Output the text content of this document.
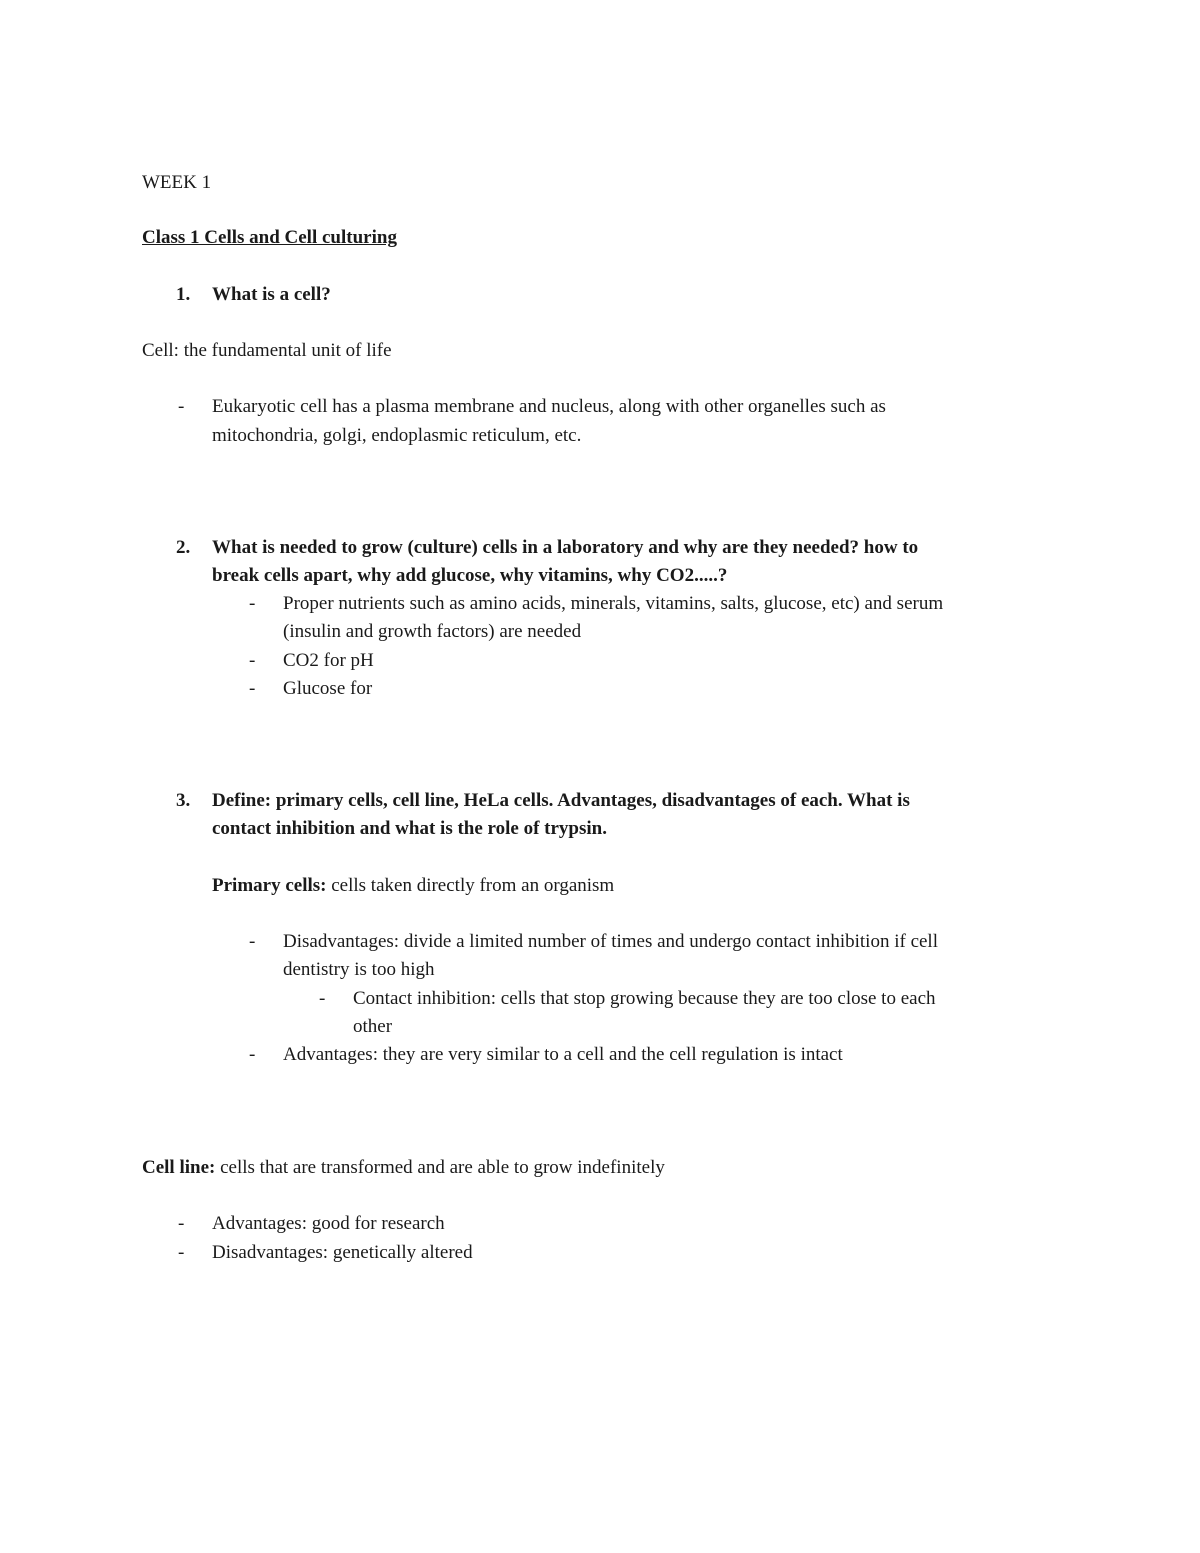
WEEK 1
Class 1 Cells and Cell culturing
1. What is a cell?
Cell: the fundamental unit of life
- Eukaryotic cell has a plasma membrane and nucleus, along with other organelles such as
mitochondria, golgi, endoplasmic reticulum, etc.
2. What is needed to grow (culture) cells in a laboratory and why are they needed? how to
break cells apart, why add glucose, why vitamins, why CO2.....?
- Proper nutrients such as amino acids, minerals, vitamins, salts, glucose, etc) and serum
(insulin and growth factors) are needed
- CO2 for pH
- Glucose for
3. Define: primary cells, cell line, HeLa cells. Advantages, disadvantages of each. What is
contact inhibition and what is the role of trypsin.
Primary cells: cells taken directly from an organism
- Disadvantages: divide a limited number of times and undergo contact inhibition if cell
dentistry is too high
- Contact inhibition: cells that stop growing because they are too close to each
other
- Advantages: they are very similar to a cell and the cell regulation is intact
Cell line: cells that are transformed and are able to grow indefinitely
- Advantages: good for research
- Disadvantages: genetically altered
